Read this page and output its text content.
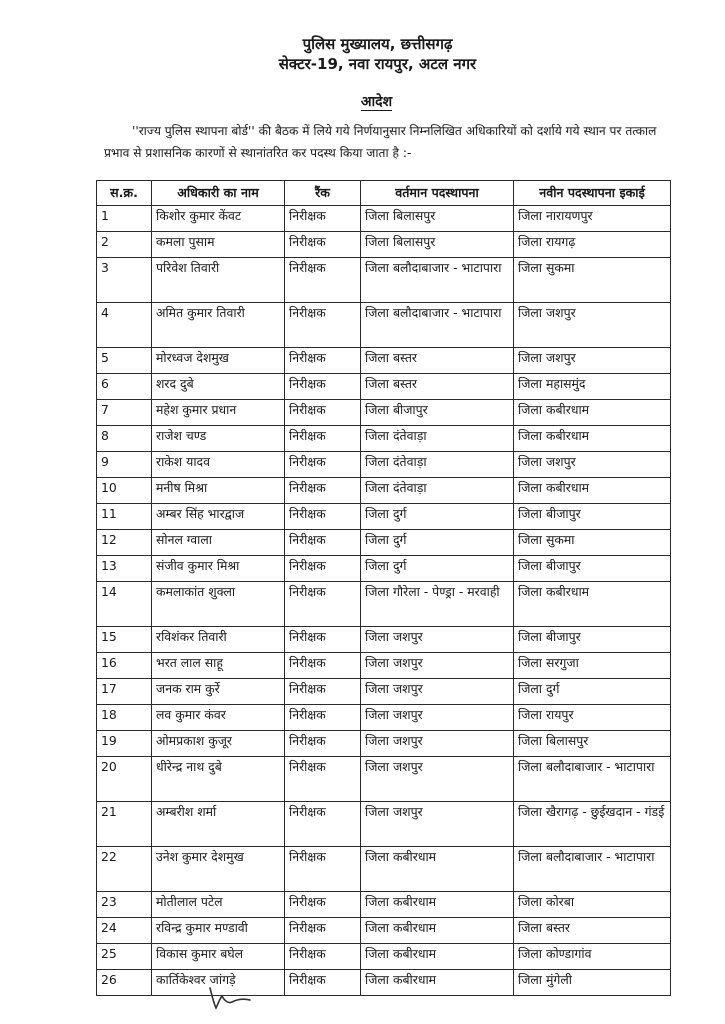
पुलिस मुख्यालय, छत्तीसगढ़
सेक्टर-19, नवा रायपुर, अटल नगर
आदेश
''राज्य पुलिस स्थापना बोर्ड'' की बैठक में लिये गये निर्णयानुसार निम्नलिखित अधिकारियों को दर्शाये गये स्थान पर तत्काल प्रभाव से प्रशासनिक कारणों से स्थानांतरित कर पदस्थ किया जाता है :-
स.क्र.	अधिकारी का नाम	रैंक	वर्तमान पदस्थापना	नवीन पदस्थापना इकाई
1	किशोर कुमार केंवट	निरीक्षक	जिला बिलासपुर	जिला नारायणपुर
2	कमला पुसाम	निरीक्षक	जिला बिलासपुर	जिला रायगढ़
3	परिवेश तिवारी	निरीक्षक	जिला बलौदाबाजार - भाटापारा	जिला सुकमा
4	अमित कुमार तिवारी	निरीक्षक	जिला बलौदाबाजार - भाटापारा	जिला जशपुर
5	मोरध्वज देशमुख	निरीक्षक	जिला बस्तर	जिला जशपुर
6	शरद दुबे	निरीक्षक	जिला बस्तर	जिला महासमुंद
7	महेश कुमार प्रधान	निरीक्षक	जिला बीजापुर	जिला कबीरधाम
8	राजेश चण्ड	निरीक्षक	जिला दंतेवाड़ा	जिला कबीरधाम
9	राकेश यादव	निरीक्षक	जिला दंतेवाड़ा	जिला जशपुर
10	मनीष मिश्रा	निरीक्षक	जिला दंतेवाड़ा	जिला कबीरधाम
11	अम्बर सिंह भारद्वाज	निरीक्षक	जिला दुर्ग	जिला बीजापुर
12	सोनल ग्वाला	निरीक्षक	जिला दुर्ग	जिला सुकमा
13	संजीव कुमार मिश्रा	निरीक्षक	जिला दुर्ग	जिला बीजापुर
14	कमलाकांत शुक्ला	निरीक्षक	जिला गौरेला - पेण्ड्रा - मरवाही	जिला कबीरधाम
15	रविशंकर तिवारी	निरीक्षक	जिला जशपुर	जिला बीजापुर
16	भरत लाल साहू	निरीक्षक	जिला जशपुर	जिला सरगुजा
17	जनक राम कुर्रे	निरीक्षक	जिला जशपुर	जिला दुर्ग
18	लव कुमार कंवर	निरीक्षक	जिला जशपुर	जिला रायपुर
19	ओमप्रकाश कुजूर	निरीक्षक	जिला जशपुर	जिला बिलासपुर
20	धीरेन्द्र नाथ दुबे	निरीक्षक	जिला जशपुर	जिला बलौदाबाजार - भाटापारा
21	अम्बरीश शर्मा	निरीक्षक	जिला जशपुर	जिला खैरागढ़ - छुईखदान - गंडई
22	उनेश कुमार देशमुख	निरीक्षक	जिला कबीरधाम	जिला बलौदाबाजार - भाटापारा
23	मोतीलाल पटेल	निरीक्षक	जिला कबीरधाम	जिला कोरबा
24	रविन्द्र कुमार मण्डावी	निरीक्षक	जिला कबीरधाम	जिला बस्तर
25	विकास कुमार बघेल	निरीक्षक	जिला कबीरधाम	जिला कोण्डागांव
26	कार्तिकेश्वर जांगड़े	निरीक्षक	जिला कबीरधाम	जिला मुंगेली
